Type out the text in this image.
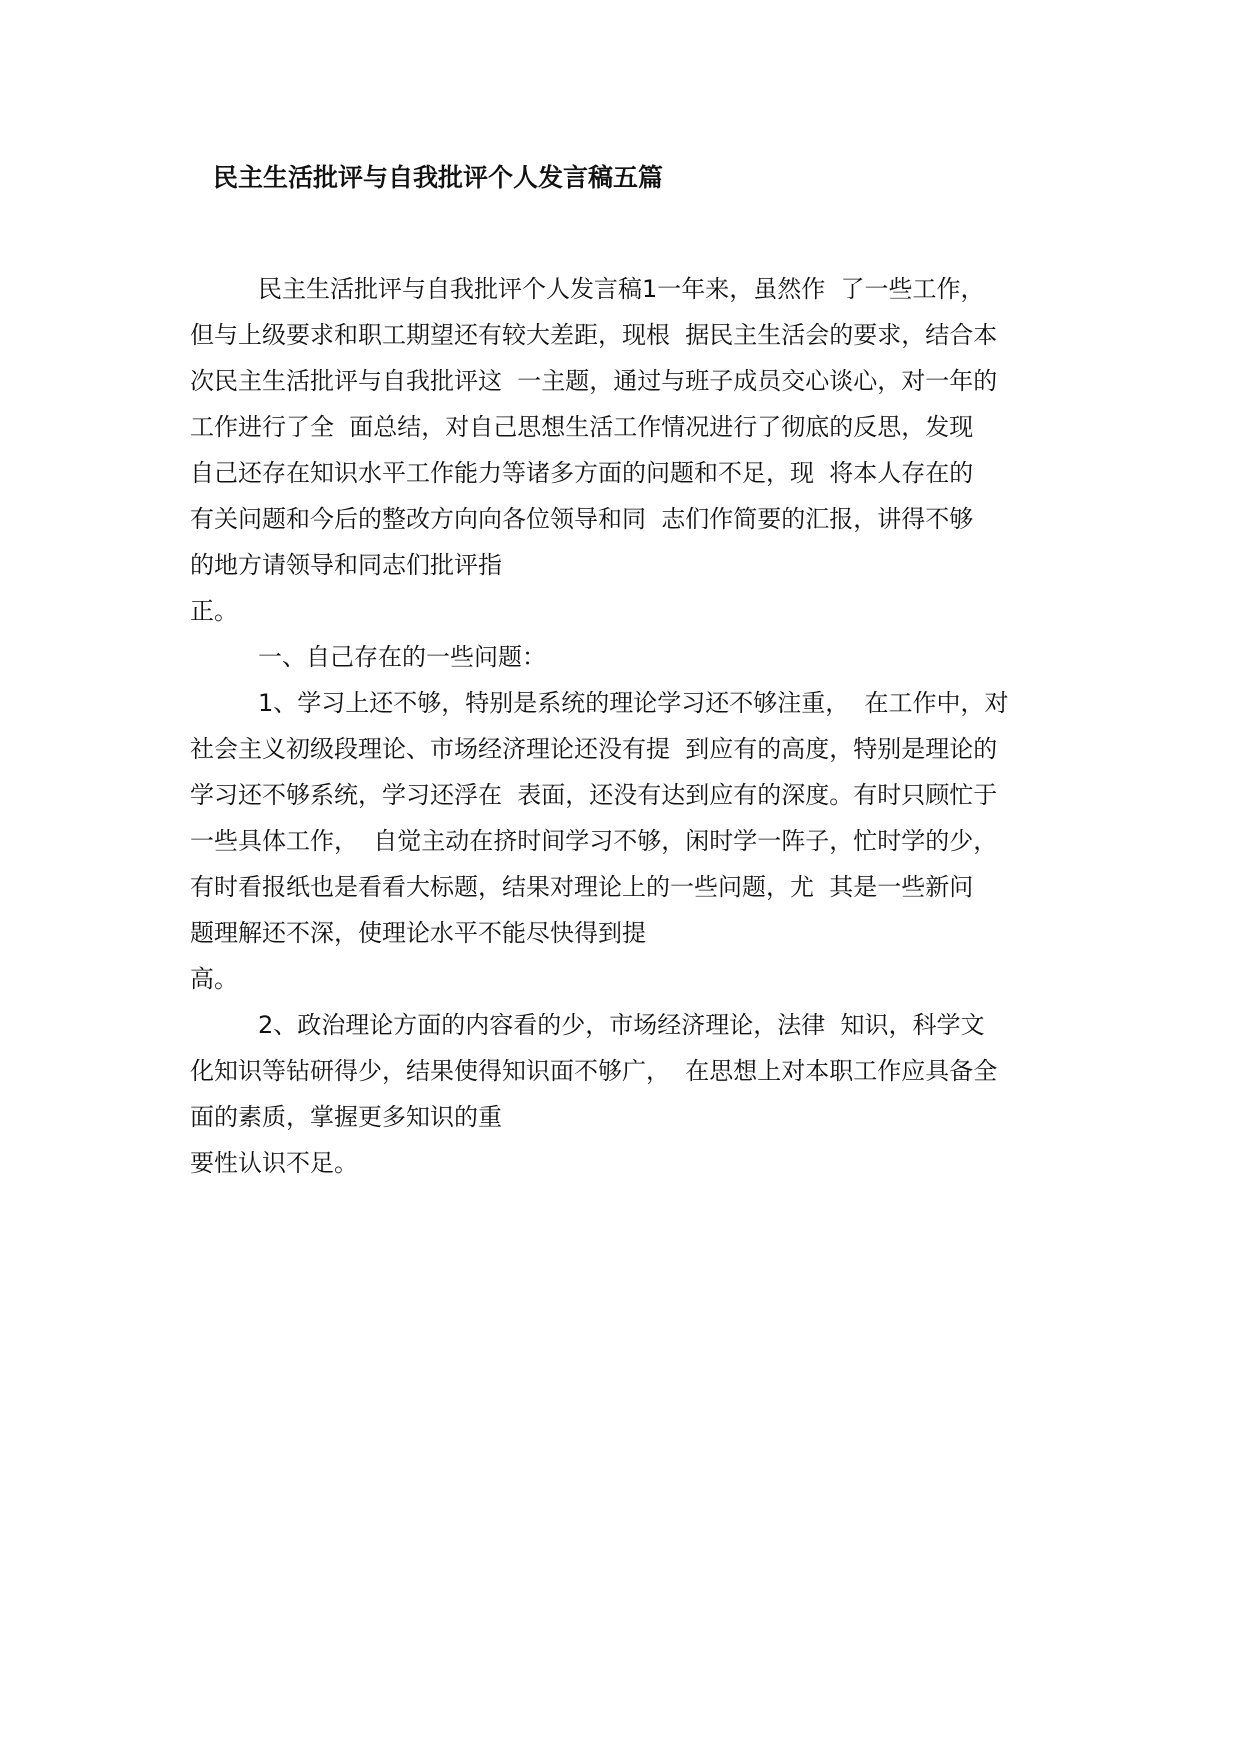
民主生活批评与自我批评个人发言稿五篇
民主生活批评与自我批评个人发言稿1一年来，虽然作  了一些工作，
但与上级要求和职工期望还有较大差距，现根  据民主生活会的要求，结合本
次民主生活批评与自我批评这  一主题，通过与班子成员交心谈心，对一年的
工作进行了全  面总结，对自己思想生活工作情况进行了彻底的反思，发现
自己还存在知识水平工作能力等诸多方面的问题和不足，现  将本人存在的
有关问题和今后的整改方向向各位领导和同  志们作简要的汇报，讲得不够
的地方请领导和同志们批评指
正。
一、自己存在的一些问题：
1、学习上还不够，特别是系统的理论学习还不够注重，  在工作中，对
社会主义初级段理论、市场经济理论还没有提  到应有的高度，特别是理论的
学习还不够系统，学习还浮在  表面，还没有达到应有的深度。有时只顾忙于
一些具体工作，  自觉主动在挤时间学习不够，闲时学一阵子，忙时学的少，
有时看报纸也是看看大标题，结果对理论上的一些问题，尤  其是一些新问
题理解还不深，使理论水平不能尽快得到提
高。
2、政治理论方面的内容看的少，市场经济理论，法律  知识，科学文
化知识等钻研得少，结果使得知识面不够广，  在思想上对本职工作应具备全
面的素质，掌握更多知识的重
要性认识不足。
